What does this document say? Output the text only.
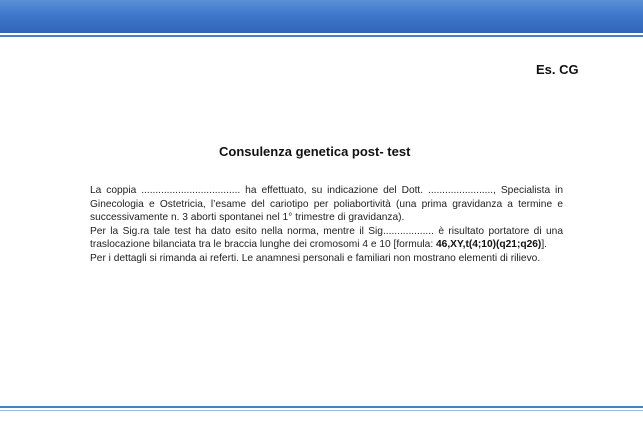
Es. CG
Consulenza genetica post- test

La coppia ................................... ha effettuato, su indicazione del Dott. ......................., Specialista in Ginecologia e Ostetricia, l’esame del cariotipo per poliabortività (una prima gravidanza a termine e successivamente n. 3 aborti spontanei nel 1° trimestre di gravidanza).

Per la Sig.ra tale test ha dato esito nella norma, mentre il Sig.................. è risultato portatore di una traslocazione bilanciata tra le braccia lunghe dei cromosomi 4 e 10 [formula: 46,XY,t(4;10)(q21;q26)].

Per i dettagli si rimanda ai referti. Le anamnesi personali e familiari non mostrano elementi di rilievo.
